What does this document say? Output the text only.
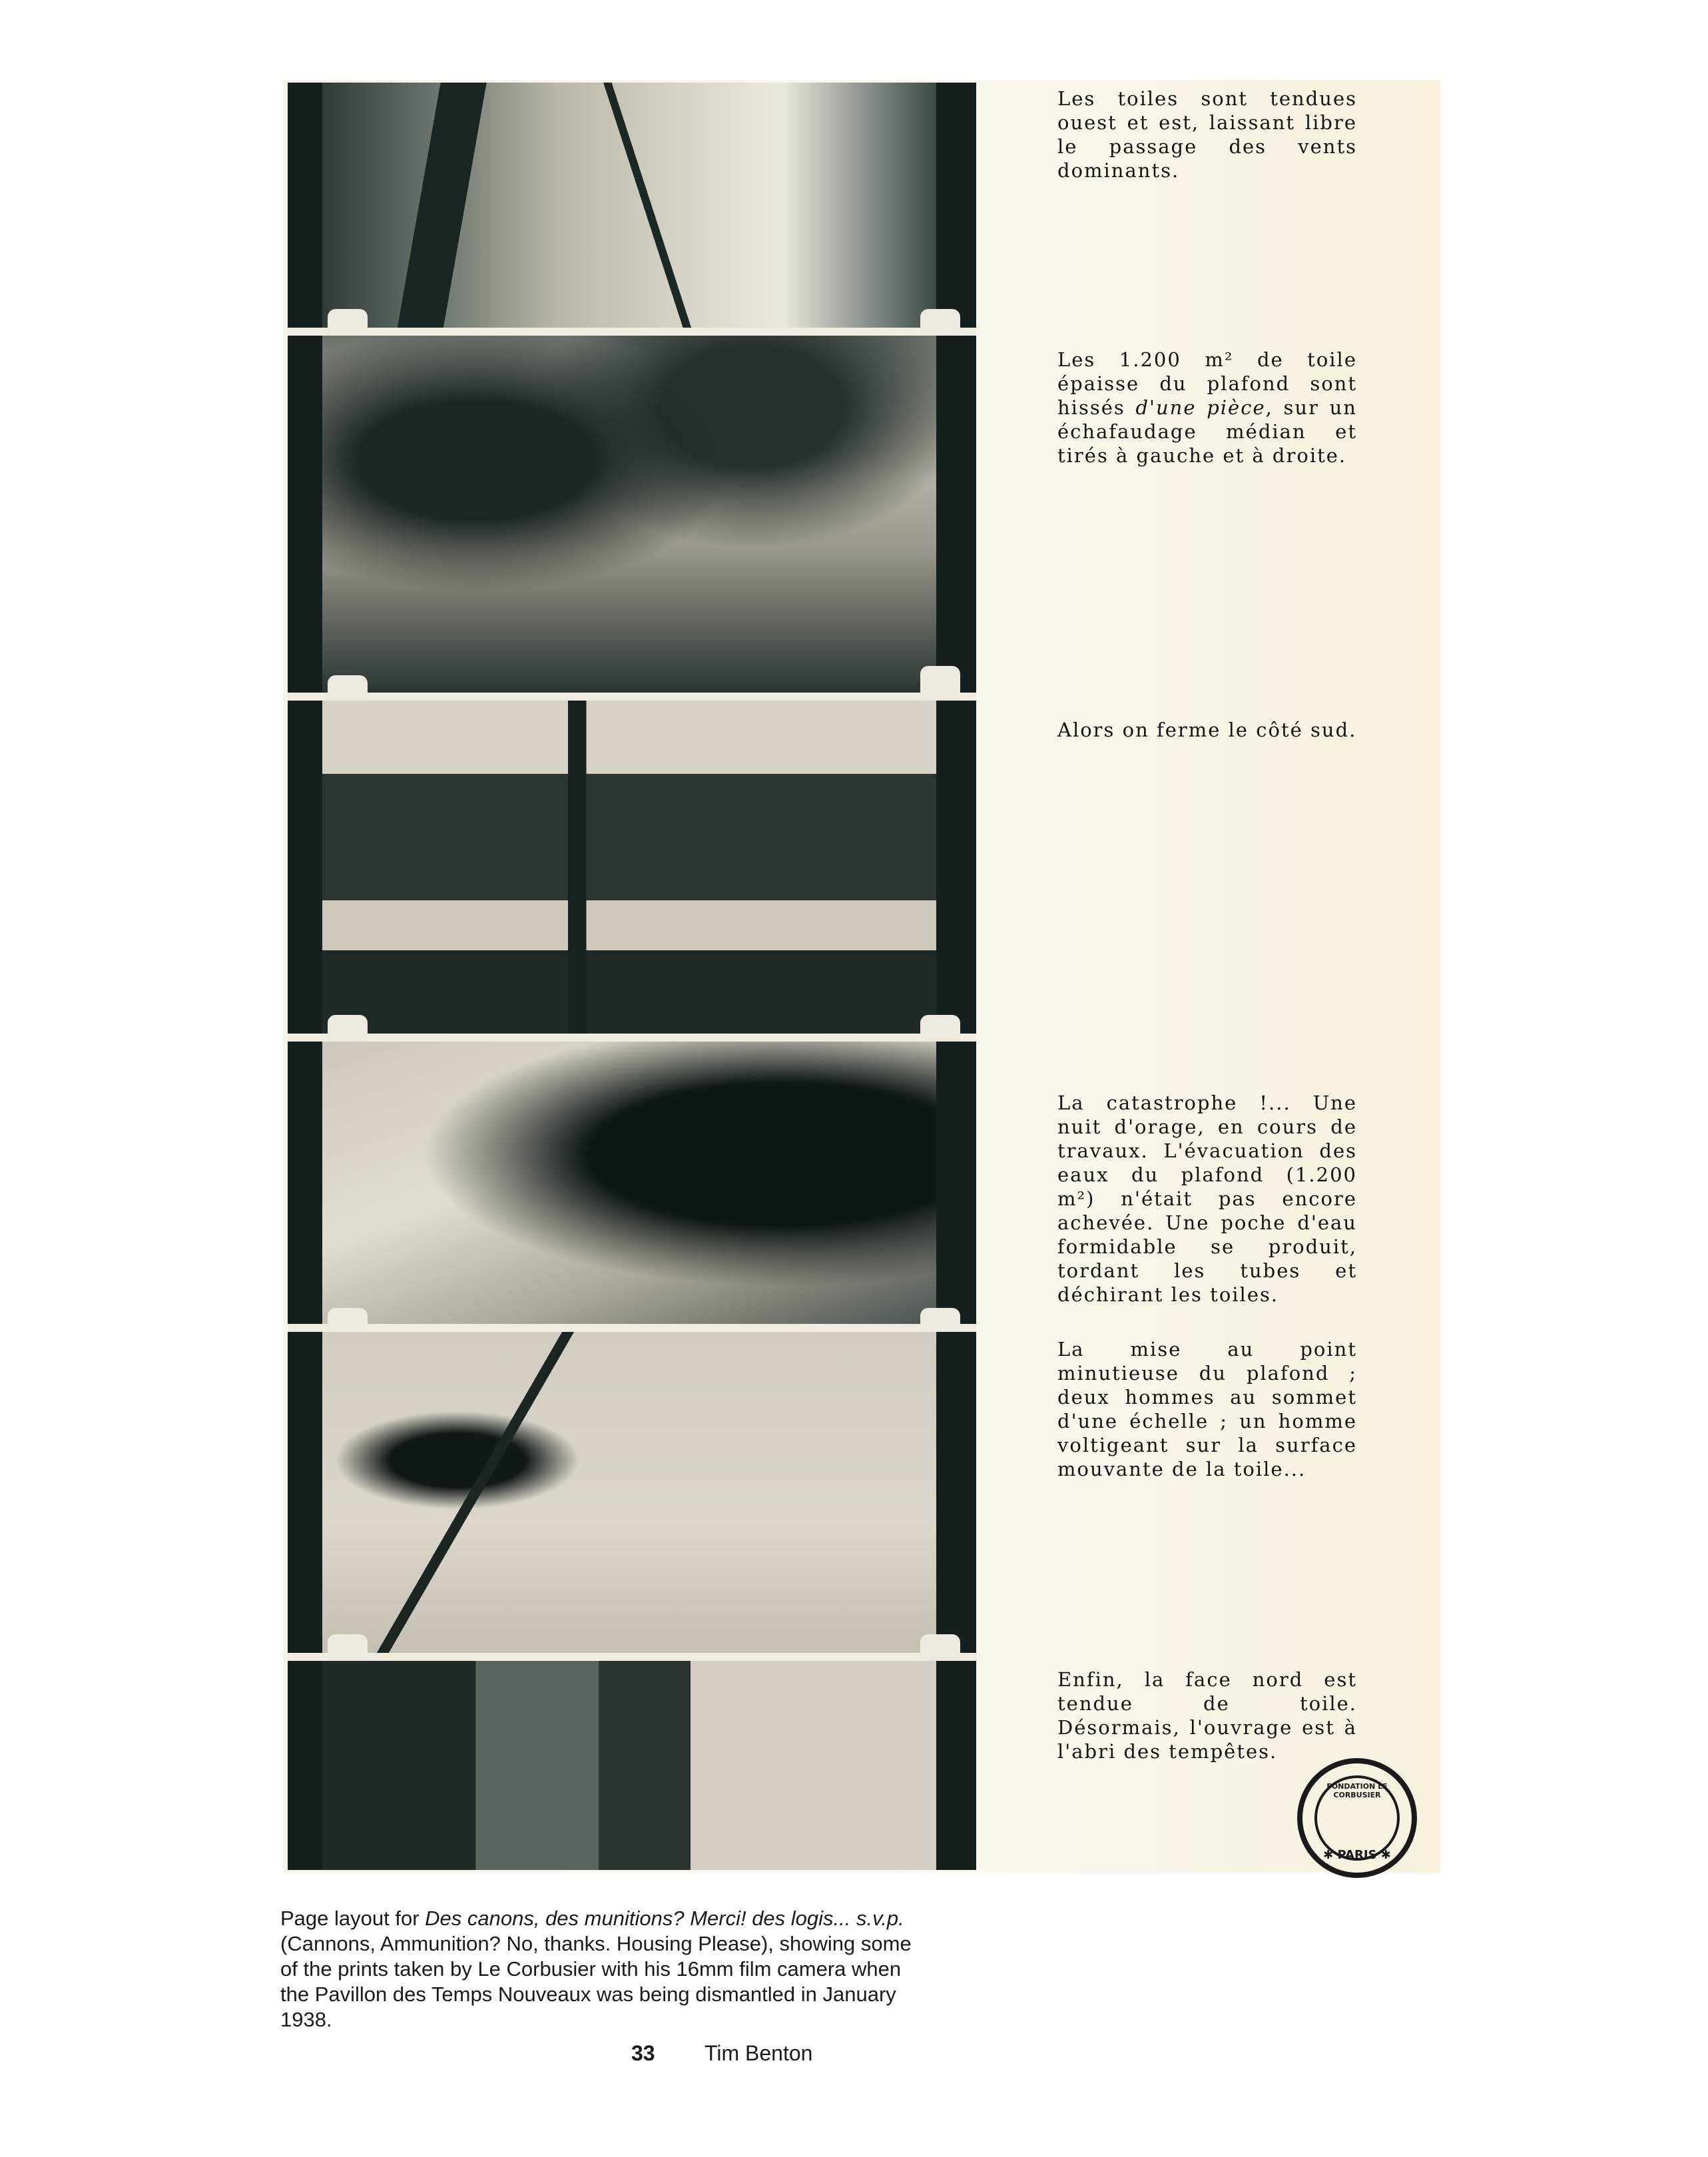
Les toiles sont tendues ouest et est, laissant libre le passage des vents dominants.

Les 1.200 m² de toile épaisse du plafond sont hissés d'une pièce, sur un échafaudage médian et tirés à gauche et à droite.

Alors on ferme le côté sud.

La catastrophe !... Une nuit d'orage, en cours de travaux. L'évacuation des eaux du plafond (1.200 m²) n'était pas encore achevée. Une poche d'eau formidable se produit, tordant les tubes et déchirant les toiles.

La mise au point minutieuse du plafond ; deux hommes au sommet d'une échelle ; un homme voltigeant sur la surface mouvante de la toile...

Enfin, la face nord est tendue de toile. Désormais, l'ouvrage est à l'abri des tempêtes.

FONDATION LE CORBUSIER
✱ PARIS ✱
Page layout for Des canons, des munitions? Merci! des logis... s.v.p. (Cannons, Ammunition? No, thanks. Housing Please), showing some of the prints taken by Le Corbusier with his 16mm film camera when the Pavillon des Temps Nouveaux was being dismantled in January 1938.
33 Tim Benton
